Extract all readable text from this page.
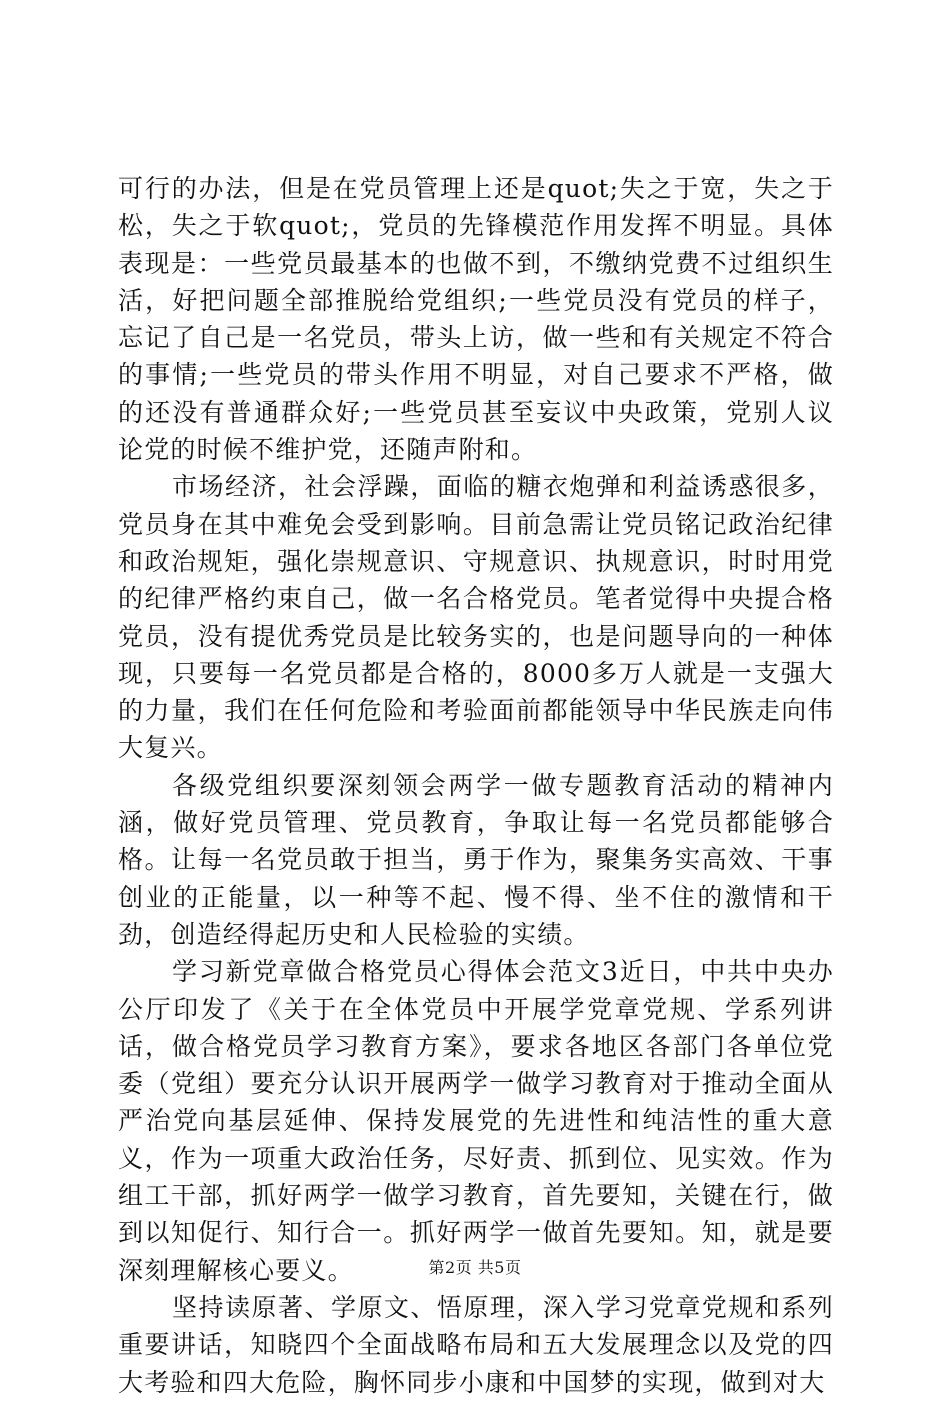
可行的办法，但是在党员管理上还是quot;失之于宽，失之于松，失之于软quot;，党员的先锋模范作用发挥不明显。具体表现是：一些党员最基本的也做不到，不缴纳党费不过组织生活，好把问题全部推脱给党组织;一些党员没有党员的样子，忘记了自己是一名党员，带头上访，做一些和有关规定不符合的事情;一些党员的带头作用不明显，对自己要求不严格，做的还没有普通群众好;一些党员甚至妄议中央政策，党别人议论党的时候不维护党，还随声附和。

市场经济，社会浮躁，面临的糖衣炮弹和利益诱惑很多，党员身在其中难免会受到影响。目前急需让党员铭记政治纪律和政治规矩，强化崇规意识、守规意识、执规意识，时时用党的纪律严格约束自己，做一名合格党员。笔者觉得中央提合格党员，没有提优秀党员是比较务实的，也是问题导向的一种体现，只要每一名党员都是合格的，8000多万人就是一支强大的力量，我们在任何危险和考验面前都能领导中华民族走向伟大复兴。

各级党组织要深刻领会两学一做专题教育活动的精神内涵，做好党员管理、党员教育，争取让每一名党员都能够合格。让每一名党员敢于担当，勇于作为，聚集务实高效、干事创业的正能量，以一种等不起、慢不得、坐不住的激情和干劲，创造经得起历史和人民检验的实绩。

学习新党章做合格党员心得体会范文3近日，中共中央办公厅印发了《关于在全体党员中开展学党章党规、学系列讲话，做合格党员学习教育方案》，要求各地区各部门各单位党委（党组）要充分认识开展两学一做学习教育对于推动全面从严治党向基层延伸、保持发展党的先进性和纯洁性的重大意义，作为一项重大政治任务，尽好责、抓到位、见实效。作为组工干部，抓好两学一做学习教育，首先要知，关键在行，做到以知促行、知行合一。抓好两学一做首先要知。知，就是要深刻理解核心要义。

坚持读原著、学原文、悟原理，深入学习党章党规和系列重要讲话，知晓四个全面战略布局和五大发展理念以及党的四大考验和四大危险，胸怀同步小康和中国梦的实现，做到对大

第2页 共5页
